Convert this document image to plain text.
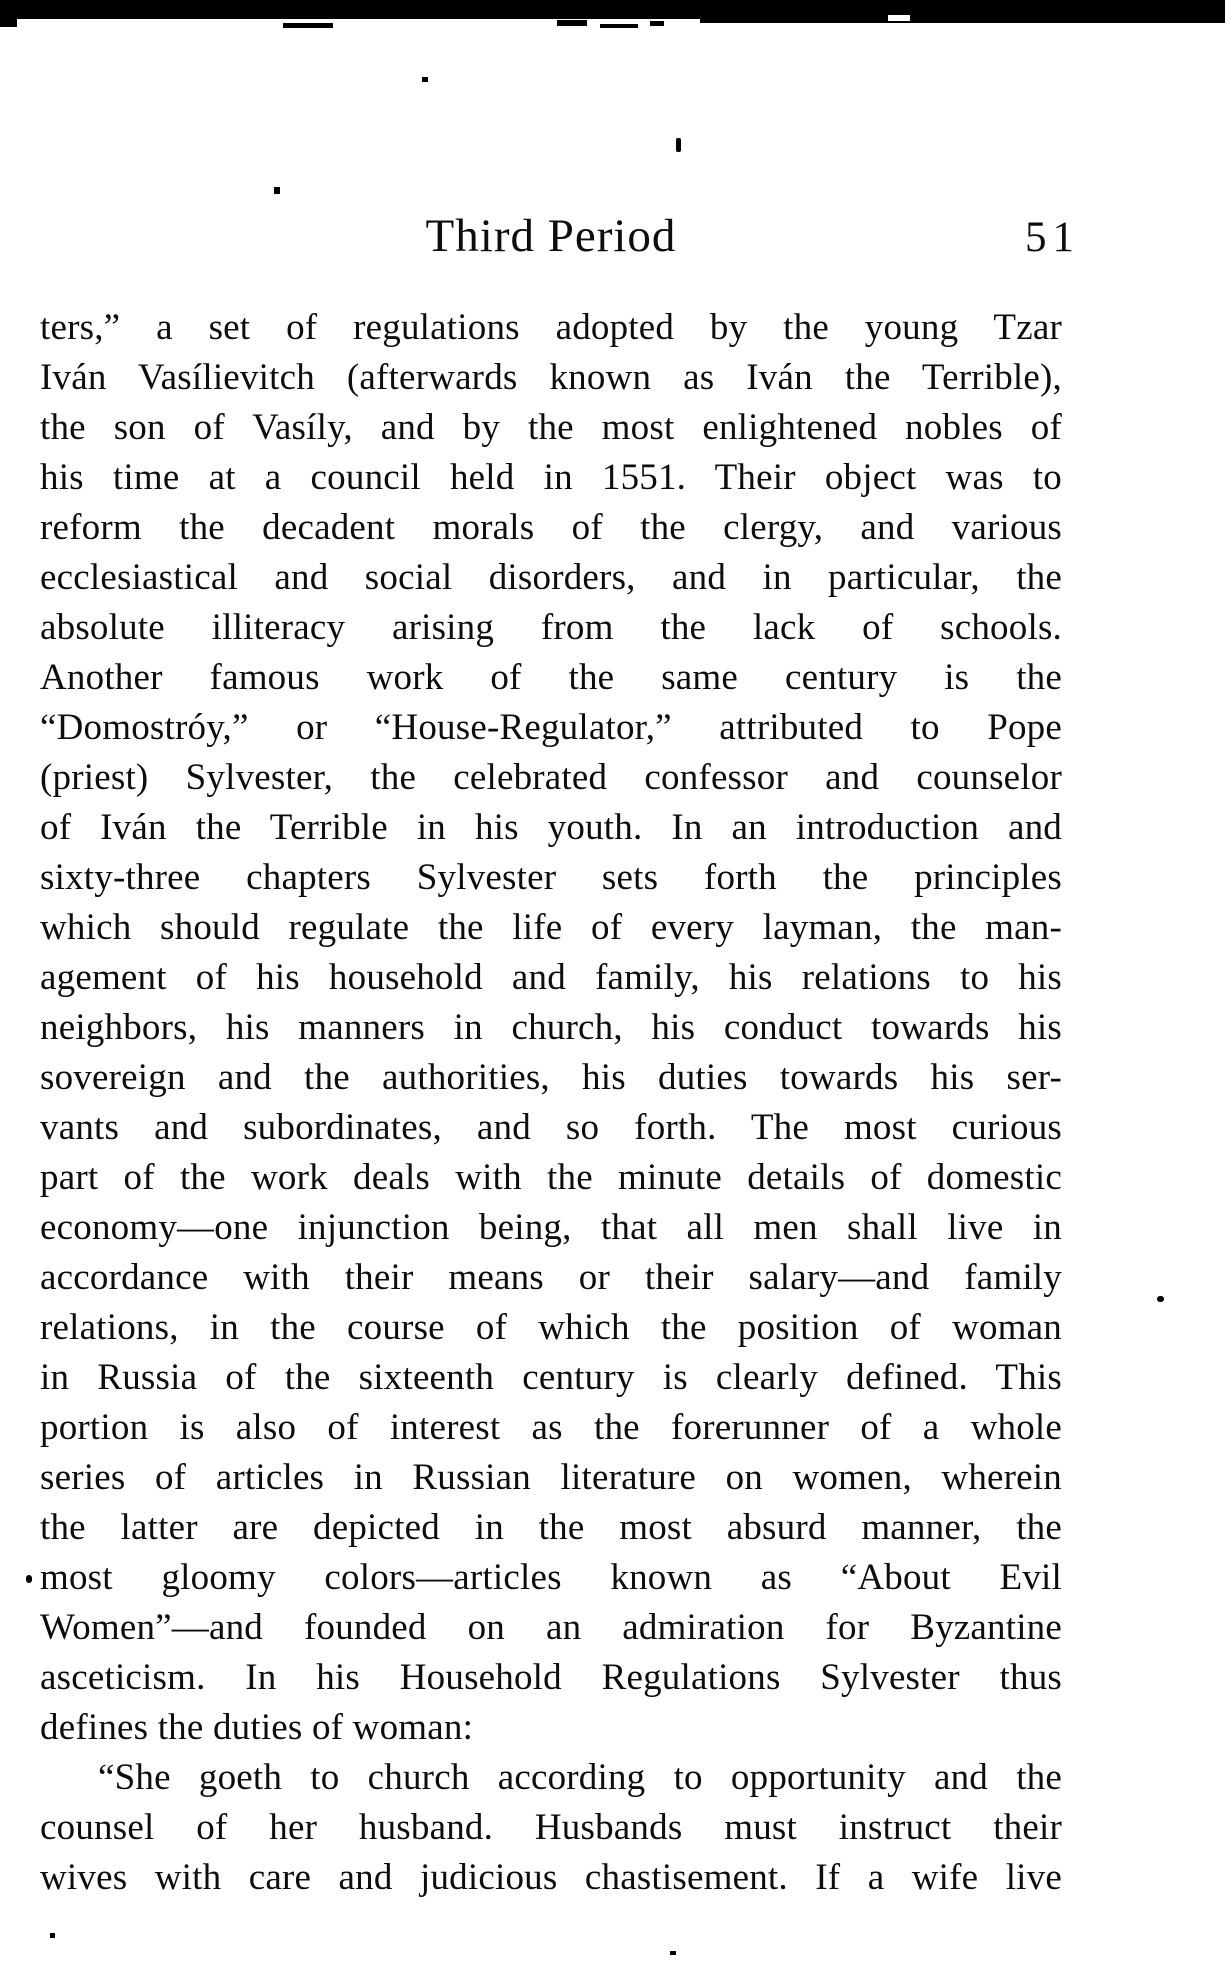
Third Period	51
ters,” a set of regulations adopted by the young Tzar
Iván Vasílievitch (afterwards known as Iván the Terrible),
the son of Vasíly, and by the most enlightened nobles of
his time at a council held in 1551. Their object was to
reform the decadent morals of the clergy, and various
ecclesiastical and social disorders, and in particular, the
absolute illiteracy arising from the lack of schools.
Another famous work of the same century is the
“Domostróy,” or “House-Regulator,” attributed to Pope
(priest) Sylvester, the celebrated confessor and counselor
of Iván the Terrible in his youth. In an introduction and
sixty-three chapters Sylvester sets forth the principles
which should regulate the life of every layman, the man-
agement of his household and family, his relations to his
neighbors, his manners in church, his conduct towards his
sovereign and the authorities, his duties towards his ser-
vants and subordinates, and so forth. The most curious
part of the work deals with the minute details of domestic
economy—one injunction being, that all men shall live in
accordance with their means or their salary—and family
relations, in the course of which the position of woman
in Russia of the sixteenth century is clearly defined. This
portion is also of interest as the forerunner of a whole
series of articles in Russian literature on women, wherein
the latter are depicted in the most absurd manner, the
most gloomy colors—articles known as “About Evil
Women”—and founded on an admiration for Byzantine
asceticism. In his Household Regulations Sylvester thus
defines the duties of woman:
“She goeth to church according to opportunity and the
counsel of her husband. Husbands must instruct their
wives with care and judicious chastisement. If a wife live
